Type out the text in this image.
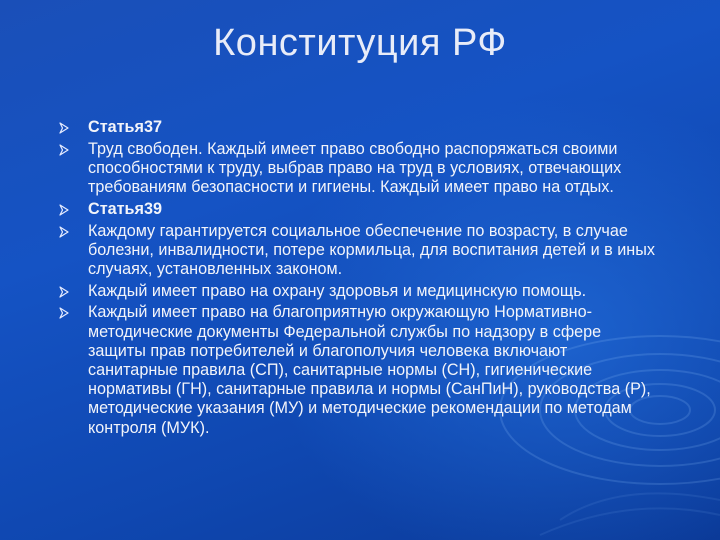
Конституция РФ
Статья37
Труд свободен. Каждый имеет право свободно распоряжаться своими способностями к труду, выбрав право на труд в условиях, отвечающих требованиям безопасности и гигиены. Каждый имеет право на отдых.
Статья39
Каждому гарантируется социальное обеспечение по возрасту, в случае болезни, инвалидности, потере кормильца, для воспитания детей и в иных случаях, установленных законом.
Каждый имеет право на охрану здоровья и медицинскую помощь.
Каждый имеет право на благоприятную окружающую Нормативно-методические документы Федеральной службы по надзору в сфере защиты прав потребителей и благополучия человека включают санитарные правила (СП), санитарные нормы (СН), гигиенические нормативы (ГН), санитарные правила и нормы (СанПиН), руководства (Р), методические указания (МУ) и методические рекомендации по методам контроля (МУК).
